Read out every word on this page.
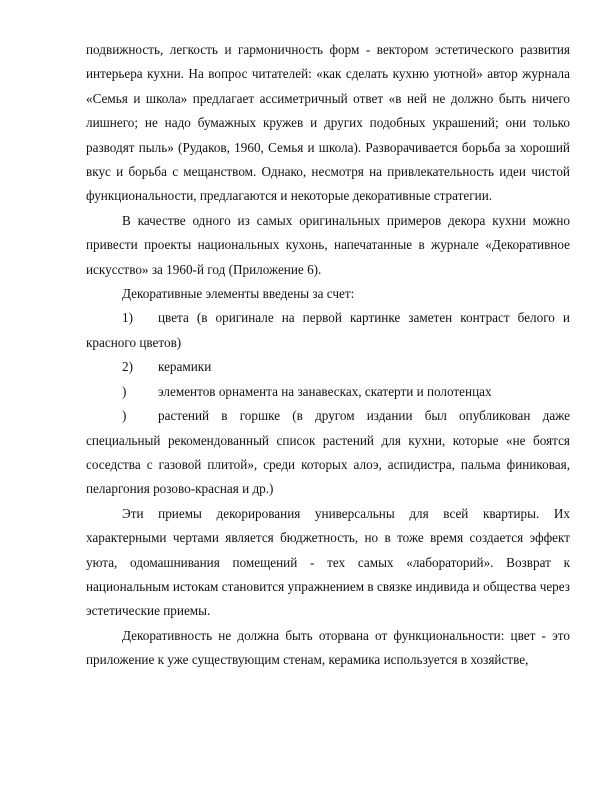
подвижность, легкость и гармоничность форм - вектором эстетического развития интерьера кухни. На вопрос читателей: «как сделать кухню уютной» автор журнала «Семья и школа» предлагает ассиметричный ответ «в ней не должно быть ничего лишнего; не надо бумажных кружев и других подобных украшений; они только разводят пыль» (Рудаков, 1960, Семья и школа). Разворачивается борьба за хороший вкус и борьба с мещанством. Однако, несмотря на привлекательность идеи чистой функциональности, предлагаются и некоторые декоративные стратегии.

В качестве одного из самых оригинальных примеров декора кухни можно привести проекты национальных кухонь, напечатанные в журнале «Декоративное искусство» за 1960-й год (Приложение 6).

Декоративные элементы введены за счет:

1) цвета (в оригинале на первой картинке заметен контраст белого и красного цветов)

2)	керамики
)	элементов орнамента на занавесках, скатерти и полотенцах

) растений в горшке (в другом издании был опубликован даже специальный рекомендованный список растений для кухни, которые «не боятся соседства с газовой плитой», среди которых алоэ, аспидистра, пальма финиковая, пеларгония розово-красная и др.)

Эти приемы декорирования универсальны для всей квартиры. Их характерными чертами является бюджетность, но в тоже время создается эффект уюта, одомашнивания помещений - тех самых «лабораторий». Возврат к национальным истокам становится упражнением в связке индивида и общества через эстетические приемы.

Декоративность не должна быть оторвана от функциональности: цвет - это приложение к уже существующим стенам, керамика используется в хозяйстве,
